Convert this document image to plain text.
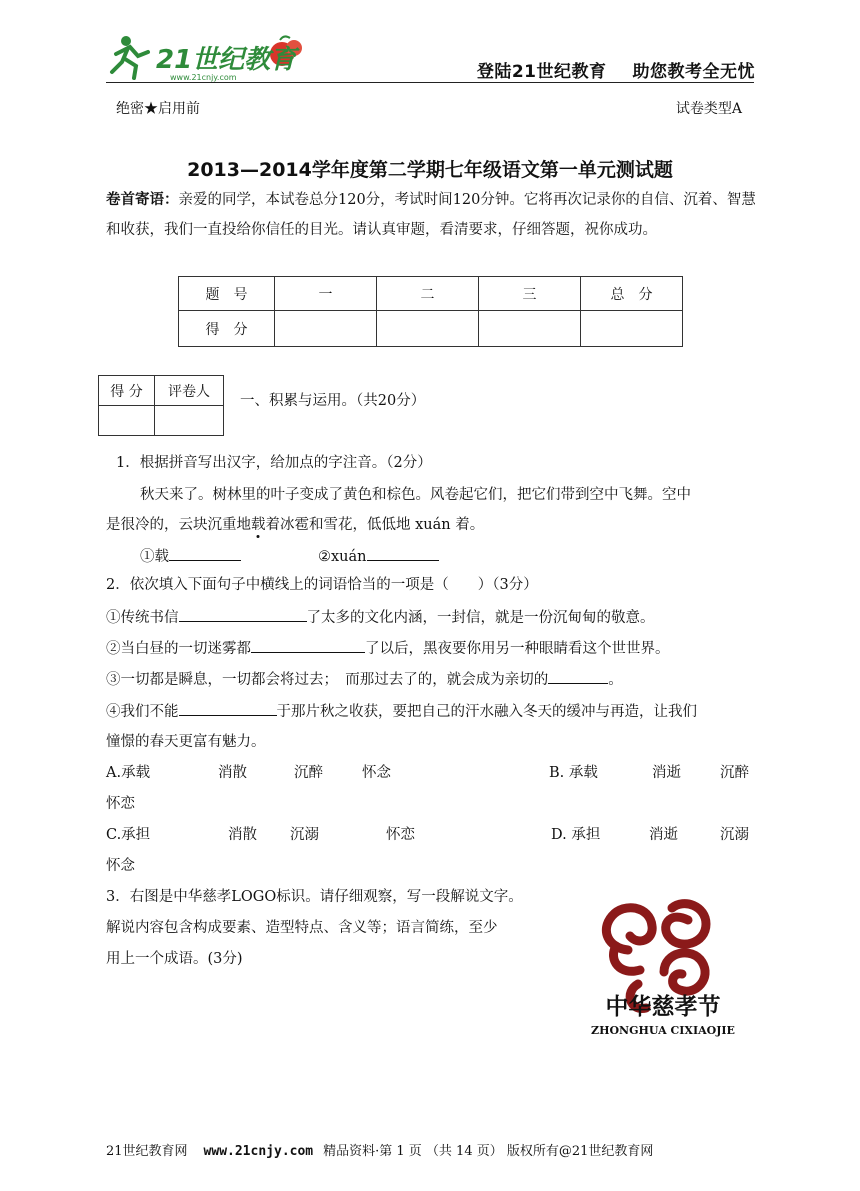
21世纪教育
www.21cnjy.com	登陆21世纪教育 助您教考全无忧
绝密★启用前	试卷类型A
2013—2014学年度第二学期七年级语文第一单元测试题
卷首寄语：亲爱的同学，本试卷总分120分，考试时间120分钟。它将再次记录你的自信、沉着、智慧和收获，我们一直投给你信任的目光。请认真审题，看清要求，仔细答题，祝你成功。
题　号	一	二	三	总　分
得　分				
得 分	评卷人

一、积累与运用。（共20分）
1．根据拼音写出汉字，给加点的字注音。（2分）
秋天来了。树林里的叶子变成了黄色和棕色。风卷起它们，把它们带到空中飞舞。空中
是很冷的，云块沉重地载着冰雹和雪花，低低地 xuán 着。
①载	②xuán
2．依次填入下面句子中横线上的词语恰当的一项是（　　）（3分）
①传统书信	了太多的文化内涵，一封信，就是一份沉甸甸的敬意。
②当白昼的一切迷雾都	了以后，黑夜要你用另一种眼睛看这个世世界。
③一切都是瞬息，一切都会将过去；　而那过去了的，就会成为亲切的	。
④我们不能	于那片秋之收获，要把自己的汗水融入冬天的缓冲与再造，让我们
憧憬的春天更富有魅力。
A.承载	消散	沉醉	怀念	B. 承载	消逝	沉醉
怀恋
C.承担	消散 沉溺	怀恋	D. 承担	消逝	沉溺
怀念
3．右图是中华慈孝LOGO标识。请仔细观察，写一段解说文字。
解说内容包含构成要素、造型特点、含义等；语言简练，至少
用上一个成语。(3分)
中华慈孝节
ZHONGHUA CIXIAOJIE
21世纪教育网 www.21cnjy.com 精品资料·第 1 页 （共 14 页） 版权所有@21世纪教育网
